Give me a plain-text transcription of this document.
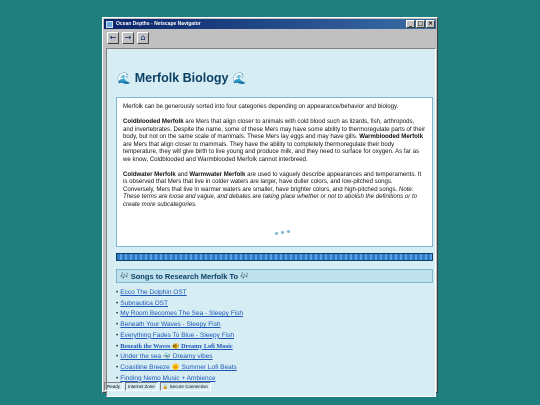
Ocean Depths - Netscape Navigator	_ □ ×
←	→	⌂
🌊 Merfolk Biology 🌊

Merfolk can be generously sorted into four categories depending on appearance/behavior and biology.

Coldblooded Merfolk are Mers that align closer to animals with cold blood such as lizards, fish, arthropods, and invertebrates. Despite the name, some of these Mers may have some ability to thermoregulate parts of their body, but not on the same scale of mammals. These Mers lay eggs and may have gills. Warmblooded Merfolk are Mers that align closer to mammals. They have the ability to completely thermoregulate their body temperature, they will give birth to live young and produce milk, and they need to surface for oxygen. As far as we know, Coldblooded and Warmblooded Merfolk cannot interbreed.

Coldwater Merfolk and Warmwater Merfolk are used to vaguely describe appearances and temperaments. It is observed that Mers that live in colder waters are larger, have duller colors, and low-pitched songs. Conversely, Mers that live in warmer waters are smaller, have brighter colors, and high-pitched songs. Note: These terms are loose and vague, and debates are taking place whether or not to abolish the definitions or to create more subcategories.

🎶 Songs to Research Merfolk To 🎶
• Ecco The Dolphin OST
• Subnautica OST
• My Room Becomes The Sea - Sleepy Fish
• Beneath Your Waves - Sleepy Fish
• Everything Fades To Blue - Sleepy Fish
• Beneath the Waves 🐠 Dreamy Lofi Music
• Under the sea 🐳 Dreamy vibes
• Coastline Breeze 🌞 Summer Lofi Beats
• Finding Nemo Music + Ambience
Ready	Internet Zone	🔒 Secure Connection
